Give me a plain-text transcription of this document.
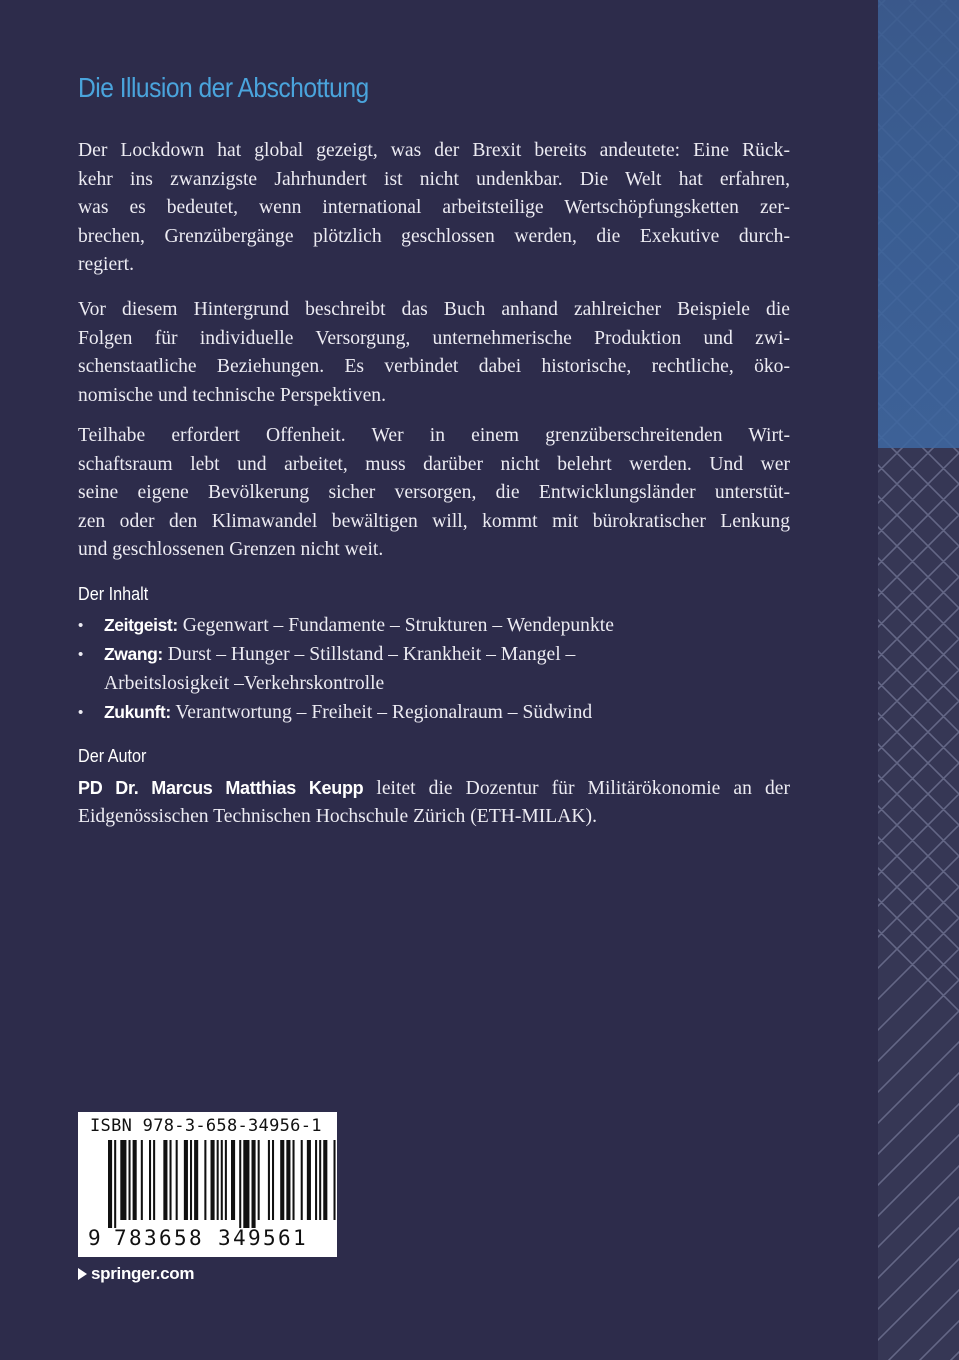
Die Illusion der Abschottung
Der Lockdown hat global gezeigt, was der Brexit bereits andeutete: Eine Rück-
kehr ins zwanzigste Jahrhundert ist nicht undenkbar. Die Welt hat erfahren,
was es bedeutet, wenn international arbeitsteilige Wertschöpfungsketten zer-
brechen, Grenzübergänge plötzlich geschlossen werden, die Exekutive durch-
regiert.
Vor diesem Hintergrund beschreibt das Buch anhand zahlreicher Beispiele die
Folgen für individuelle Versorgung, unternehmerische Produktion und zwi-
schenstaatliche Beziehungen. Es verbindet dabei historische, rechtliche, öko-
nomische und technische Perspektiven.
Teilhabe erfordert Offenheit. Wer in einem grenzüberschreitenden Wirt-
schaftsraum lebt und arbeitet, muss darüber nicht belehrt werden. Und wer
seine eigene Bevölkerung sicher versorgen, die Entwicklungsländer unterstüt-
zen oder den Klimawandel bewältigen will, kommt mit bürokratischer Lenkung
und geschlossenen Grenzen nicht weit.
Der Inhalt
• Zeitgeist: Gegenwart – Fundamente – Strukturen – Wendepunkte
• Zwang: Durst – Hunger – Stillstand – Krankheit – Mangel –
Arbeitslosigkeit –Verkehrskontrolle
• Zukunft: Verantwortung – Freiheit – Regionalraum – Südwind
Der Autor
PD Dr. Marcus Matthias Keupp leitet die Dozentur für Militärökonomie an der
Eidgenössischen Technischen Hochschule Zürich (ETH-MILAK).
ISBN 978-3-658-34956-1
9 7 8 3 6 5 8 3 4 9 5 6 1
springer.com
